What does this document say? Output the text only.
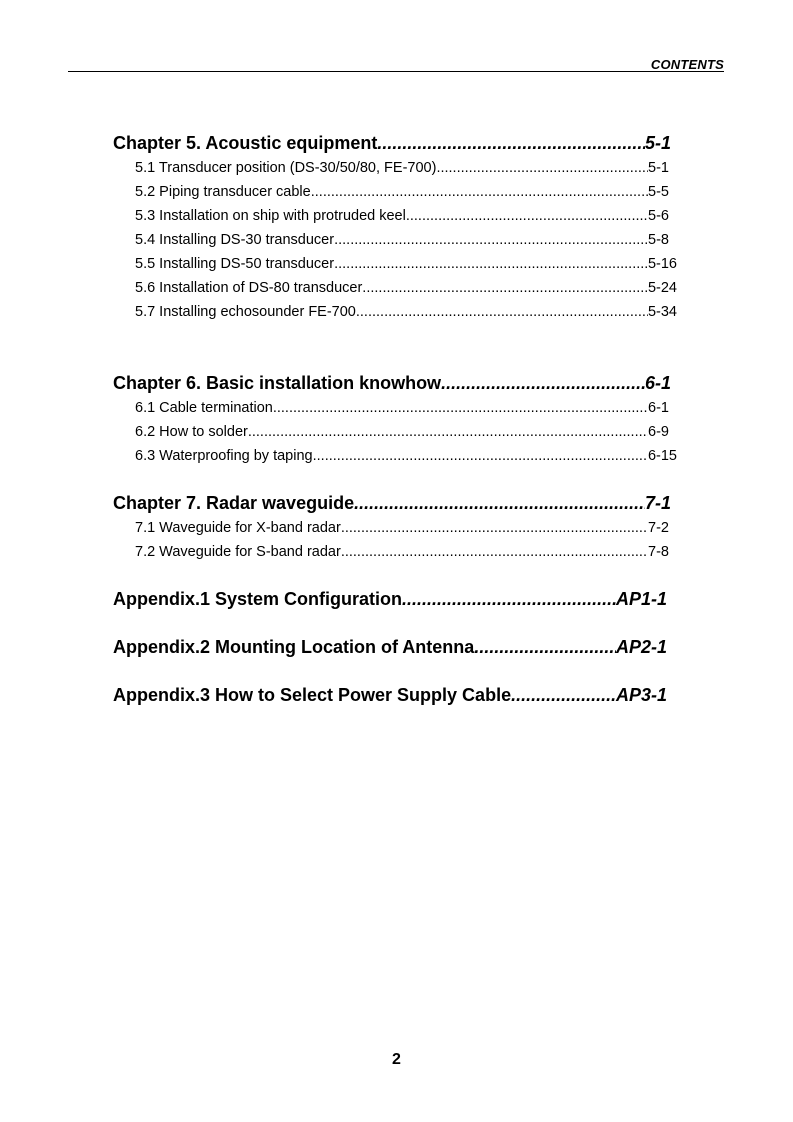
CONTENTS
Chapter 5. Acoustic equipment .....	5-1
5.1 Transducer position (DS-30/50/80, FE-700) .....	5-1
5.2 Piping transducer cable .....	5-5
5.3 Installation on ship with protruded keel .....	5-6
5.4 Installing DS-30 transducer .....	5-8
5.5 Installing DS-50 transducer .....	5-16
5.6 Installation of DS-80 transducer .....	5-24
5.7 Installing echosounder FE-700 .....	5-34
Chapter 6. Basic installation knowhow .....	6-1
6.1 Cable termination .....	6-1
6.2 How to solder .....	6-9
6.3 Waterproofing by taping .....	6-15
Chapter 7. Radar waveguide .....	7-1
7.1 Waveguide for X-band radar .....	7-2
7.2 Waveguide for S-band radar .....	7-8
Appendix.1 System Configuration .....	AP1-1
Appendix.2 Mounting Location of Antenna .....	AP2-1
Appendix.3 How to Select Power Supply Cable .....	AP3-1
2
